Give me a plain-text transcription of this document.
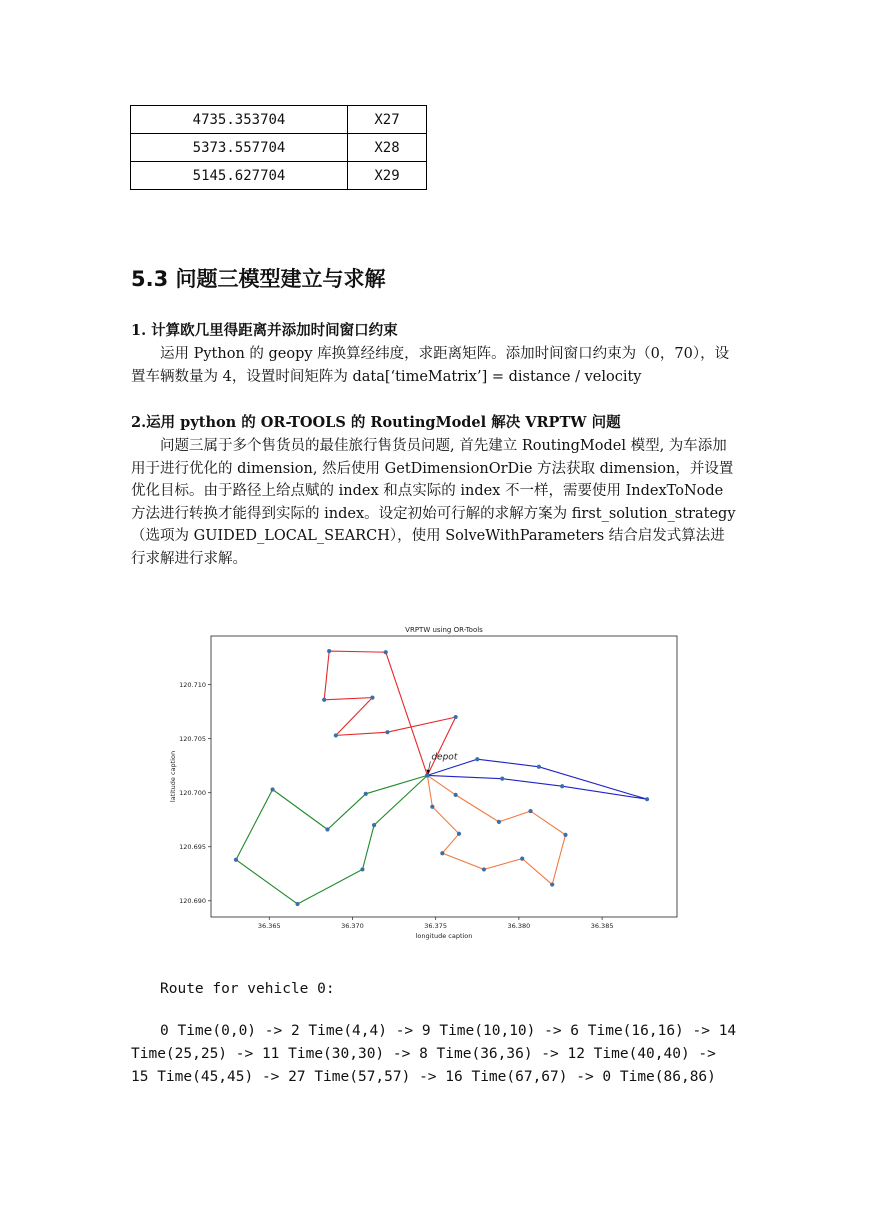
4735.353704	X27
5373.557704	X28
5145.627704	X29
5.3 问题三模型建立与求解
1. 计算欧几里得距离并添加时间窗口约束
运用 Python 的 geopy 库换算经纬度，求距离矩阵。添加时间窗口约束为（0，70），设置车辆数量为 4，设置时间矩阵为 data[‘timeMatrix’] = distance / velocity
2.运用 python 的 OR-TOOLS 的 RoutingModel 解决 VRPTW 问题
问题三属于多个售货员的最佳旅行售货员问题, 首先建立 RoutingModel 模型, 为车添加用于进行优化的 dimension, 然后使用 GetDimensionOrDie 方法获取 dimension，并设置优化目标。由于路径上给点赋的 index 和点实际的 index 不一样，需要使用 IndexToNode 方法进行转换才能得到实际的 index。设定初始可行解的求解方案为 first_solution_strategy（选项为 GUIDED_LOCAL_SEARCH），使用 SolveWithParameters 结合启发式算法进行求解进行求解。
VRPTW using OR-Tools
36.365	36.370	36.375	36.380	36.385
120.690
120.695
120.700
120.705
120.710
longitude caption
latitude caption	depot
Route for vehicle 0:
0 Time(0,0) -> 2 Time(4,4) -> 9 Time(10,10) -> 6 Time(16,16) -> 14 Time(25,25) -> 11 Time(30,30) -> 8 Time(36,36) -> 12 Time(40,40) -> 15 Time(45,45) -> 27 Time(57,57) -> 16 Time(67,67) -> 0 Time(86,86)
